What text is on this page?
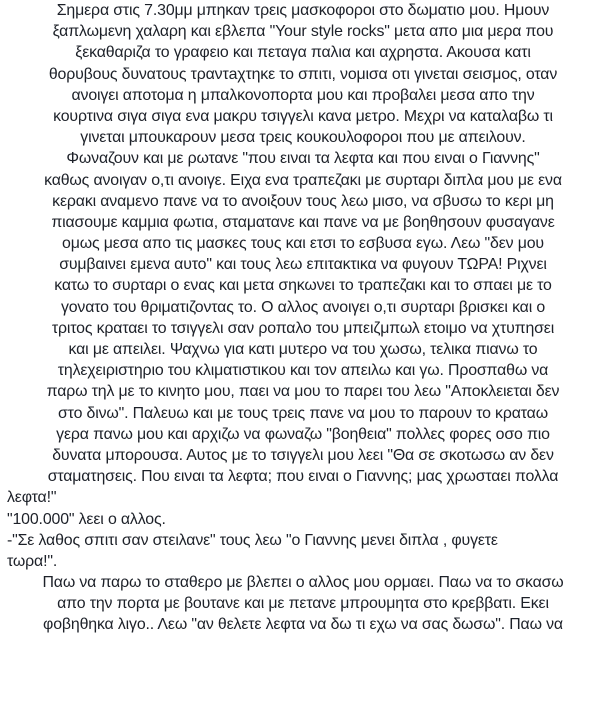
Σημερα στις 7.30μμ μπηκαν τρεις μασκοφοροι στο δωματιο μου. Ημουν
ξαπλωμενη χαλαρη και εβλεπα "Your style rocks" μετα απο μια μερα που
ξεκαθαριζα το γραφειο και πεταγα παλια και αχρηστα. Ακουσα κατι
θορυβους δυνατους τραντaχτηκε το σπιτι, νομισα οτι γινεται σεισμος, οταν
ανοιγει αποτομα η μπαλκονοπορτα μου και προβαλει μεσα απο την
κουρτινα σιγα σιγα ενα μακρυ τσιγγελι κανα μετρο. Μεχρι να καταλαβω τι
γινεται μπουκαρουν μεσα τρεις κουκουλοφοροι που με απειλουν.
Φωναζουν και με ρωτανε "που ειναι τα λεφτα και που ειναι ο Γιαννης"
καθως ανοιγαν ο,τι ανοιγε. Ειχα ενα τραπεζακι με συρταρι διπλα μου με ενα
κερακι αναμενο πανε να το ανοιξουν τους λεω μισο, να σβυσω το κερι μη
πιασουμε καμμια φωτια, σταματανε και πανε να με βοηθησουν φυσαγανε
ομως μεσα απο τις μασκες τους και ετσι το εσβυσα εγω. Λεω "δεν μου
συμβαινει εμενα αυτο" και τους λεω επιτακτικα να φυγουν ΤΩΡΑ! Ριχνει
κατω το συρταρι ο ενας και μετα σηκωνει το τραπεζακι και το σπαει με το
γονατο του θριματιζοντας το. Ο αλλος ανοιγει ο,τι συρταρι βρισκει και ο
τριτος κραταει το τσιγγελι σαν ροπαλο του μπειζμπωλ ετοιμο να χτυπησει
και με απειλει. Ψαχνω για κατι μυτερο να του χωσω, τελικα πιανω το
τηλεχειριστηριο του κλιματιστικου και τον απειλω και γω. Προσπαθω να
παρω τηλ με το κινητο μου, παει να μου το παρει του λεω "Αποκλειεται δεν
στο δινω". Παλευω και με τους τρεις πανε να μου το παρουν το κραταω
γερα πανω μου και αρχιζω να φωναζω "βοηθεια" πολλες φορες οσο πιο
δυνατα μπορουσα. Αυτος με το τσιγγελι μου λεει "Θα σε σκοτωσω αν δεν
σταματησεις. Που ειναι τα λεφτα; που ειναι ο Γιαννης; μας χρωσταει πολλα
λεφτα!"
"100.000" λεει ο αλλος.
-"Σε λαθος σπιτι σαν στειλανε" τους λεω "ο Γιαννης μενει διπλα , φυγετε
τωρα!".
Παω να παρω το σταθερο με βλεπει ο αλλος μου ορμαει. Παω να το σκασω
απο την πορτα με βουτανε και με πετανε μπρουμητα στο κρεββατι. Εκει
φοβηθηκα λιγο.. Λεω "αν θελετε λεφτα να δω τι εχω να σας δωσω". Παω να
